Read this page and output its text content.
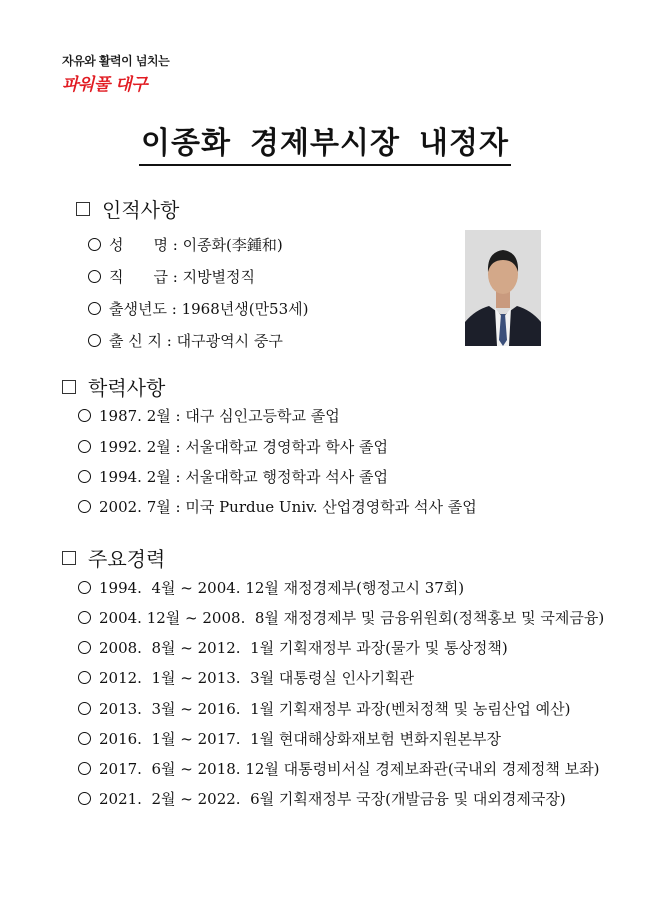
자유와 활력이 넘치는
파워풀 대구
이종화 경제부시장 내정자
인적사항
성　　명 : 이종화(李鍾和)
직　　급 : 지방별정직
출생년도 : 1968년생(만53세)
출 신 지 : 대구광역시 중구
학력사항
1987. 2월 : 대구 심인고등학교 졸업
1992. 2월 : 서울대학교 경영학과 학사 졸업
1994. 2월 : 서울대학교 행정학과 석사 졸업
2002. 7월 : 미국 Purdue Univ. 산업경영학과 석사 졸업
주요경력
1994.  4월 ~ 2004. 12월 재정경제부(행정고시 37회)
2004. 12월 ~ 2008.  8월 재정경제부 및 금융위원회(정책홍보 및 국제금융)
2008.  8월 ~ 2012.  1월 기획재정부 과장(물가 및 통상정책)
2012.  1월 ~ 2013.  3월 대통령실 인사기획관
2013.  3월 ~ 2016.  1월 기획재정부 과장(벤처정책 및 농림산업 예산)
2016.  1월 ~ 2017.  1월 현대해상화재보험 변화지원본부장
2017.  6월 ~ 2018. 12월 대통령비서실 경제보좌관(국내외 경제정책 보좌)
2021.  2월 ~ 2022.  6월 기획재정부 국장(개발금융 및 대외경제국장)
